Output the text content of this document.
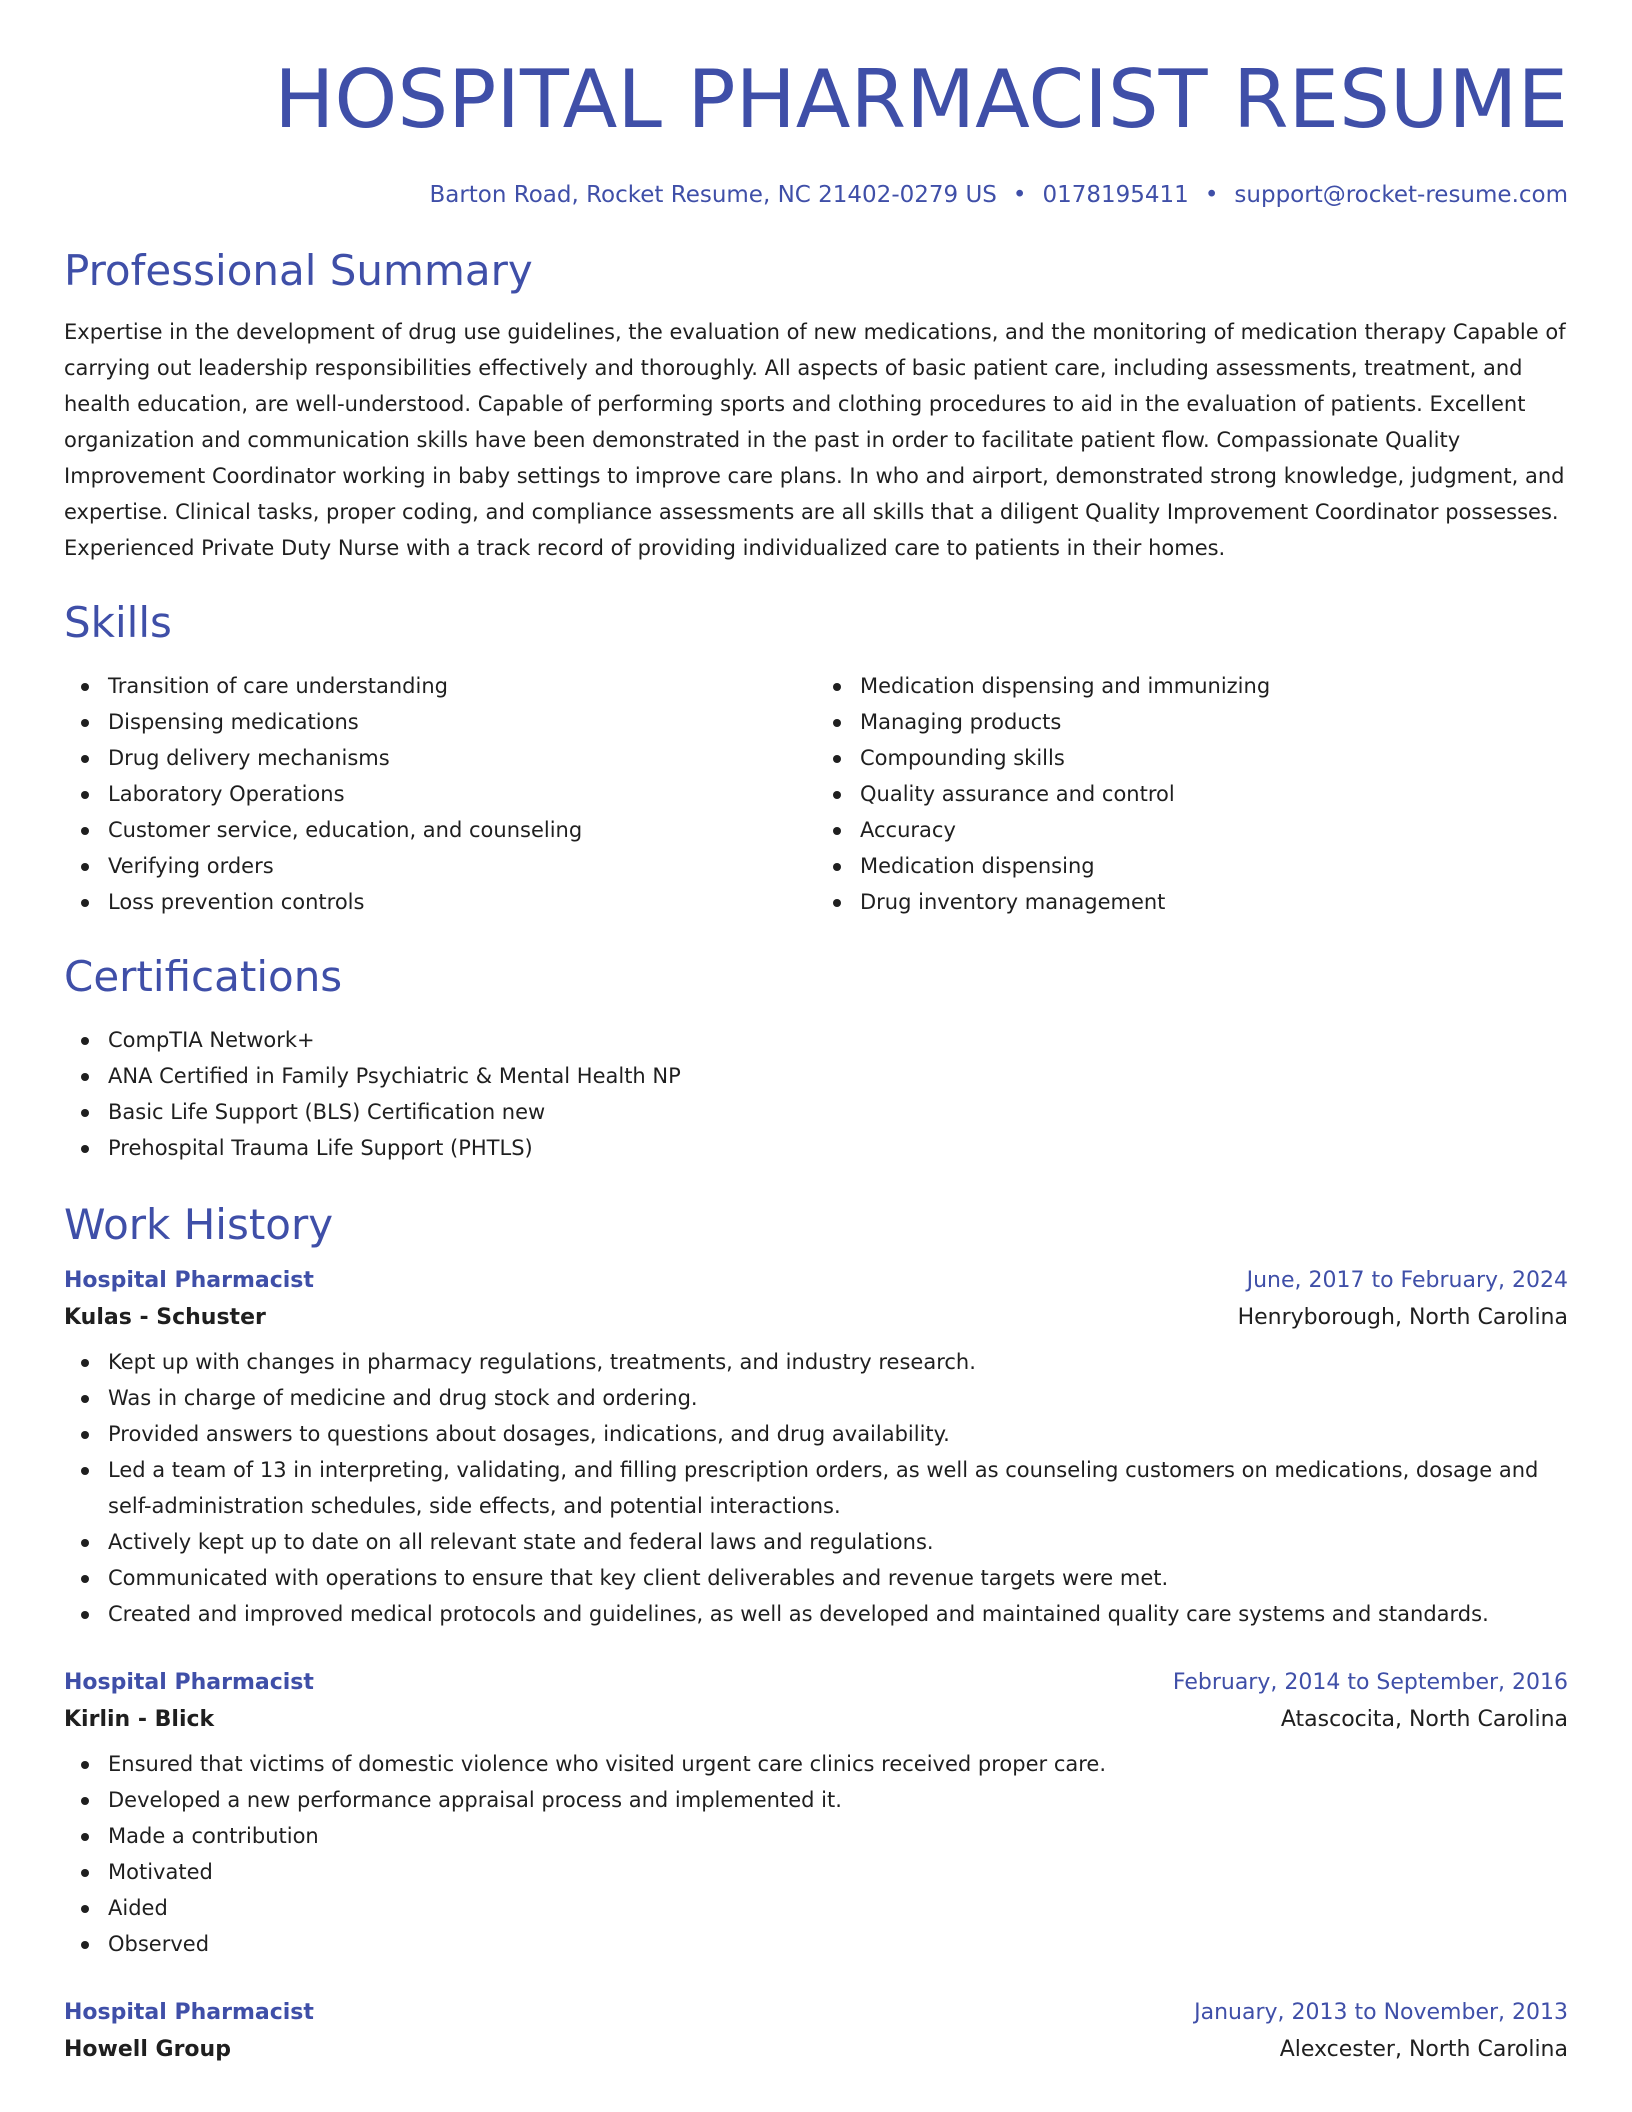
HOSPITAL PHARMACIST RESUME
Barton Road, Rocket Resume, NC 21402-0279 US • 0178195411 • support@rocket-resume.com
Professional Summary

Expertise in the development of drug use guidelines, the evaluation of new medications, and the monitoring of medication therapy Capable of carrying out leadership responsibilities effectively and thoroughly. All aspects of basic patient care, including assessments, treatment, and health education, are well-understood. Capable of performing sports and clothing procedures to aid in the evaluation of patients. Excellent organization and communication skills have been demonstrated in the past in order to facilitate patient flow. Compassionate Quality Improvement Coordinator working in baby settings to improve care plans. In who and airport, demonstrated strong knowledge, judgment, and expertise. Clinical tasks, proper coding, and compliance assessments are all skills that a diligent Quality Improvement Coordinator possesses. Experienced Private Duty Nurse with a track record of providing individualized care to patients in their homes.

Skills
Transition of care understanding
Dispensing medications
Drug delivery mechanisms
Laboratory Operations
Customer service, education, and counseling
Verifying orders
Loss prevention controls
Medication dispensing and immunizing
Managing products
Compounding skills
Quality assurance and control
Accuracy
Medication dispensing
Drug inventory management
Certifications
CompTIA Network+
ANA Certified in Family Psychiatric & Mental Health NP
Basic Life Support (BLS) Certification new
Prehospital Trauma Life Support (PHTLS)
Work History
Hospital Pharmacist	June, 2017 to February, 2024
Kulas - Schuster	Henryborough, North Carolina
Kept up with changes in pharmacy regulations, treatments, and industry research.
Was in charge of medicine and drug stock and ordering.
Provided answers to questions about dosages, indications, and drug availability.
Led a team of 13 in interpreting, validating, and filling prescription orders, as well as counseling customers on medications, dosage and self-administration schedules, side effects, and potential interactions.
Actively kept up to date on all relevant state and federal laws and regulations.
Communicated with operations to ensure that key client deliverables and revenue targets were met.
Created and improved medical protocols and guidelines, as well as developed and maintained quality care systems and standards.
Hospital Pharmacist	February, 2014 to September, 2016
Kirlin - Blick	Atascocita, North Carolina
Ensured that victims of domestic violence who visited urgent care clinics received proper care.
Developed a new performance appraisal process and implemented it.
Made a contribution
Motivated
Aided
Observed
Hospital Pharmacist	January, 2013 to November, 2013
Howell Group	Alexcester, North Carolina
